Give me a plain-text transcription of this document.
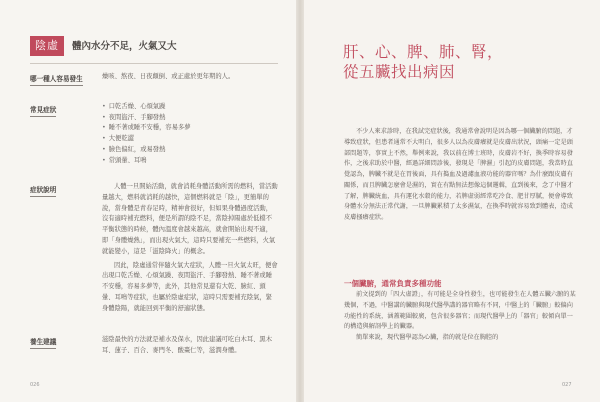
陰虛	體內水分不足，火氣又大
哪一種人容易發生	燥咳、熬夜、日夜顛倒、或正處於更年期的人。
常見症狀
•	口乾舌燥、心煩氣躁
• 夜間盜汗、手腳發熱
• 睡不著或睡不安穩，容易多夢
• 大便乾澀
• 臉色偏紅，或易發熱
• 常頭暈、耳鳴
症狀說明	人體一旦開始活動，就會消耗身體活動所需的燃料，當活動量越大，燃料就消耗的越快，這個燃料就是「陰」，更簡單的說，當身體是青春足時，精神會很好，但如果身體過度活動，沒有適時補充燃料，便是所謂的陰不足，當陰掉陽處於低檔不平衡狀態的時候，體內溫度會越來越高，就會開始出現不適，即「身體燥熱」，而出現火氣大，這時只要補充一些燃料，火氣就能變小，這是「滋陰降火」的概念。

因此，陰虛通常伴隨火氣大症狀，人體一旦火氣太旺，便會出現口乾舌燥、心煩氣躁、夜間盜汗、手腳發熱、睡不著或睡不安穩，容易多夢等，此外，其他常見還有大乾、臉紅、頭暈、耳鳴等症狀，也屬於陰虛症狀，這時只需要補充陰氣，緊身體陰陽，就能回到平衡的舒適狀態。

養生建議	滋陰最快的方法就是補水及保水，因此建議可吃白木耳、黑木耳、蓮子、百合、麥門冬、酸棗仁等，滋潤身體。
026
肝、心、脾、肺、腎，
從五臟找出病因

不少人來求診時，在我試完症狀後，我通常會說明是因為哪一個臟腑的問題，才導致症狀，但患者通常不大明白，很多人以為皮膚癢就是皮膚出狀況，頭痛一定是頭部問題等，事實上不然，舉例來說，我以前在博士班時，皮膚岩不好，換季時容易發作，之後求助於中醫，經過詳細問診後，發現是「脾濕」引起的皮膚問題，我當時直覺認為，脾臟不就是在胃後面，具有搗血及過濾血液功能的器官嗎？為什麼跟皮膚有關係，而且脾臟怎麼會是濕的，實在有點無法想像這個邏輯，直到後來，念了中醫才了解，脾臟統血，具有運化水穀的能力，若脾虛弱經常吃冷食、肥甘厚膩，便會導致身體水分無法正常代謝，一旦脾臟累積了太多濕氣，在換季時就容易致到體表，造成皮膚搔癢症狀。

一個臟腑，通常負責多種功能

前文提到的「四大虛證」，有可能是全身性發生，也可能發生在人體五臟六腑的某幾個，不過，中醫講的臟腑與現代醫學講的器官略有不同，中醫上的「臟腑」較偏向功能性的系統，涵蓋範圍較廣，包含很多器官；而現代醫學上的「器官」較傾向單一的構造與解剖學上的臟器。

簡單來說，現代醫學認為心臟，指的就是位在胸腔的

027
